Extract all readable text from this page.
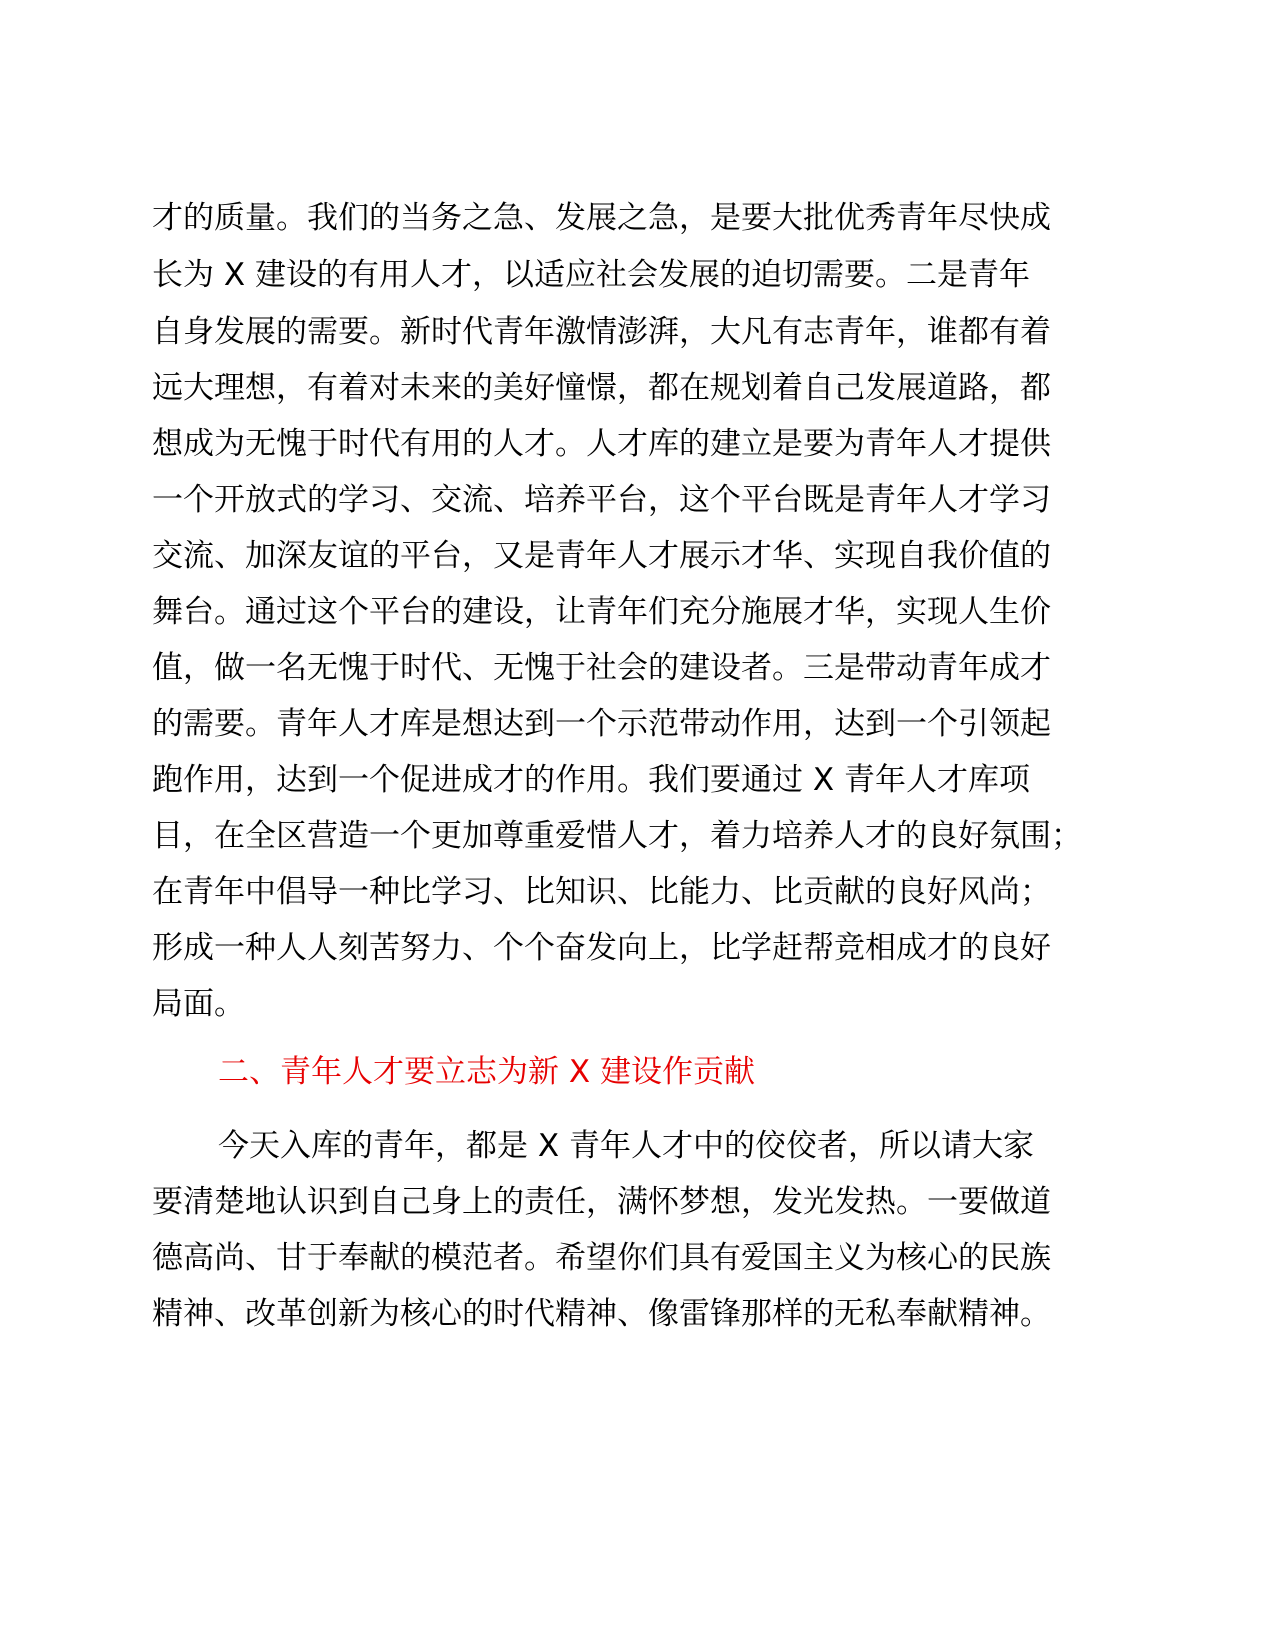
才的质量。我们的当务之急、发展之急，是要大批优秀青年尽快成
长为 X 建设的有用人才，以适应社会发展的迫切需要。二是青年
自身发展的需要。新时代青年激情澎湃，大凡有志青年，谁都有着
远大理想，有着对未来的美好憧憬，都在规划着自己发展道路，都
想成为无愧于时代有用的人才。人才库的建立是要为青年人才提供
一个开放式的学习、交流、培养平台，这个平台既是青年人才学习
交流、加深友谊的平台，又是青年人才展示才华、实现自我价值的
舞台。通过这个平台的建设，让青年们充分施展才华，实现人生价
值，做一名无愧于时代、无愧于社会的建设者。三是带动青年成才
的需要。青年人才库是想达到一个示范带动作用，达到一个引领起
跑作用，达到一个促进成才的作用。我们要通过 X 青年人才库项
目，在全区营造一个更加尊重爱惜人才，着力培养人才的良好氛围；
在青年中倡导一种比学习、比知识、比能力、比贡献的良好风尚；
形成一种人人刻苦努力、个个奋发向上，比学赶帮竞相成才的良好
局面。
二、青年人才要立志为新 X 建设作贡献
今天入库的青年，都是 X 青年人才中的佼佼者，所以请大家
要清楚地认识到自己身上的责任，满怀梦想，发光发热。一要做道
德高尚、甘于奉献的模范者。希望你们具有爱国主义为核心的民族
精神、改革创新为核心的时代精神、像雷锋那样的无私奉献精神。
